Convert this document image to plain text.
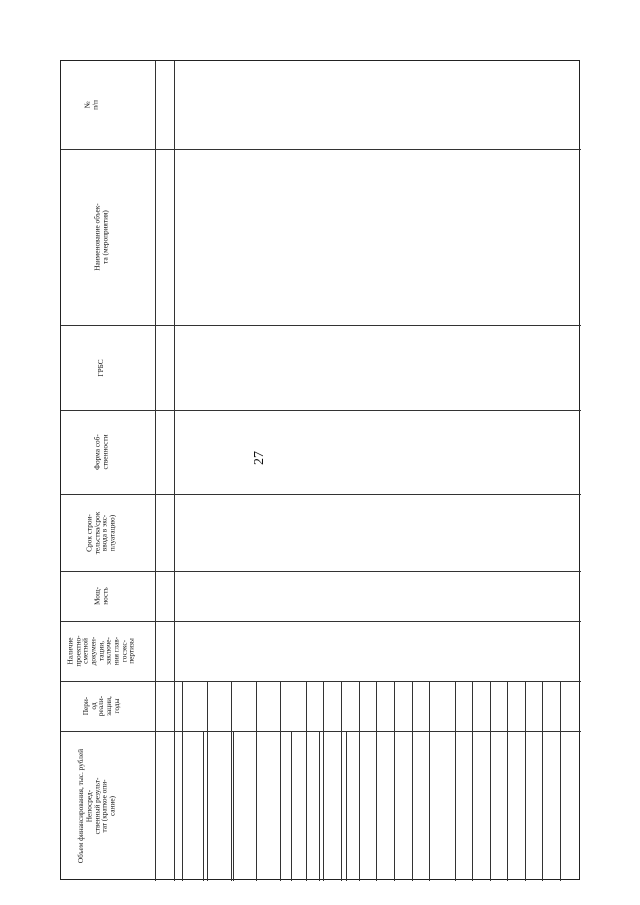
27
№
п/п
Наименование объек-
та (мероприятия)
ГРБС
Форма соб-
ственности
Срок строи-
тельства/срок
ввода в экс-
плуатацию)
Мощ-
ность
Наличие
проектно-
сметной
докумен-
тации,
заключе-
ния глав-
госэкс-
пертизы
Пери-
од
реали-
зации,
годы
Объем финансирования, тыс. рублей Непосред-
ственный результ-
тат (краткое опи-
сание)
